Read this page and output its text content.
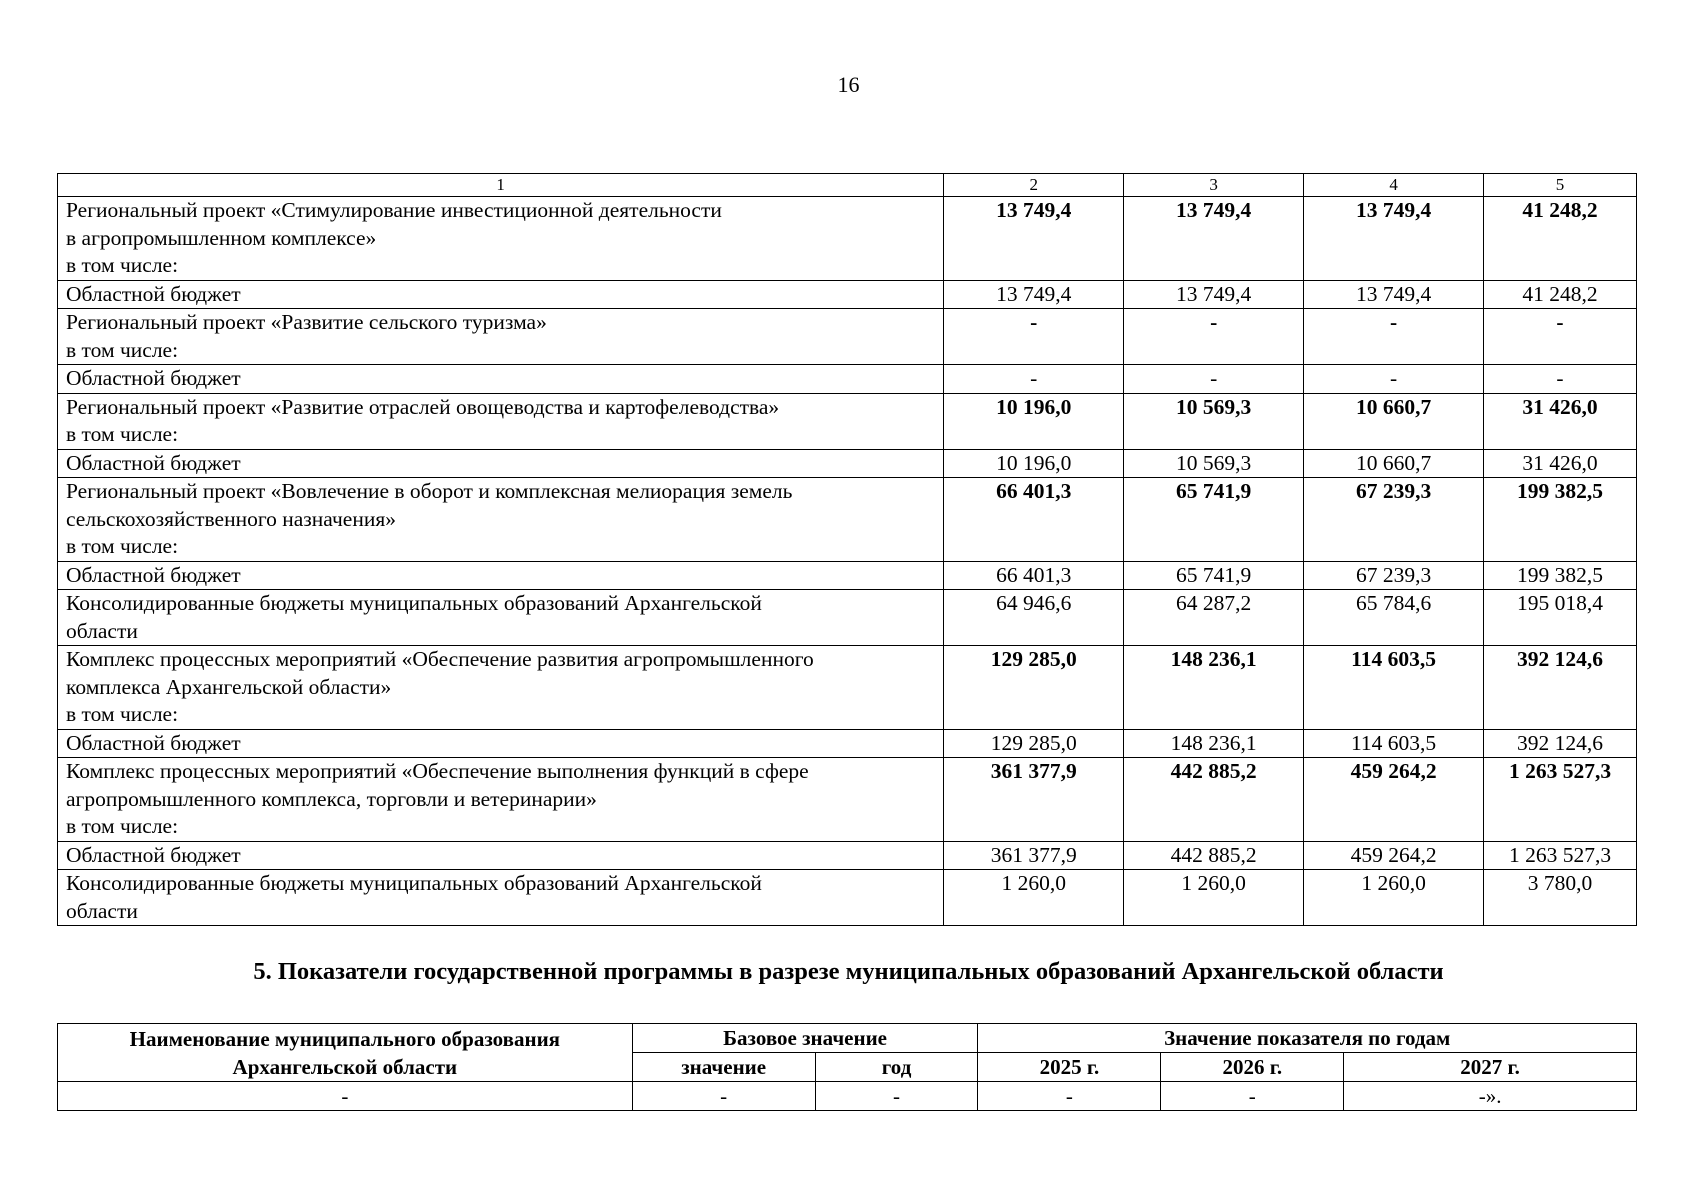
16
1	2	3	4	5

Региональный проект «Стимулирование инвестиционной деятельности
в агропромышленном комплексе»
в том числе:	13 749,4	13 749,4	13 749,4	41 248,2

Областной бюджет	13 749,4	13 749,4	13 749,4	41 248,2

Региональный проект «Развитие сельского туризма»
в том числе:	-	-	-	-

Областной бюджет	-	-	-	-

Региональный проект «Развитие отраслей овощеводства и картофелеводства»
в том числе:	10 196,0	10 569,3	10 660,7	31 426,0

Областной бюджет	10 196,0	10 569,3	10 660,7	31 426,0

Региональный проект «Вовлечение в оборот и комплексная мелиорация земель
сельскохозяйственного назначения»
в том числе:	66 401,3	65 741,9	67 239,3	199 382,5

Областной бюджет	66 401,3	65 741,9	67 239,3	199 382,5

Консолидированные бюджеты муниципальных образований Архангельской
области	64 946,6	64 287,2	65 784,6	195 018,4

Комплекс процессных мероприятий «Обеспечение развития агропромышленного
комплекса Архангельской области»
в том числе:	129 285,0	148 236,1	114 603,5	392 124,6

Областной бюджет	129 285,0	148 236,1	114 603,5	392 124,6

Комплекс процессных мероприятий «Обеспечение выполнения функций в сфере
агропромышленного комплекса, торговли и ветеринарии»
в том числе:	361 377,9	442 885,2	459 264,2	1 263 527,3

Областной бюджет	361 377,9	442 885,2	459 264,2	1 263 527,3

Консолидированные бюджеты муниципальных образований Архангельской
области	1 260,0	1 260,0	1 260,0	3 780,0
5. Показатели государственной программы в разрезе муниципальных образований Архангельской области
Наименование муниципального образования Архангельской области	Базовое значение		Значение показателя по годам		
	значение	год	2025 г.	2026 г.	2027 г.
-	-	-	-	-	-».
